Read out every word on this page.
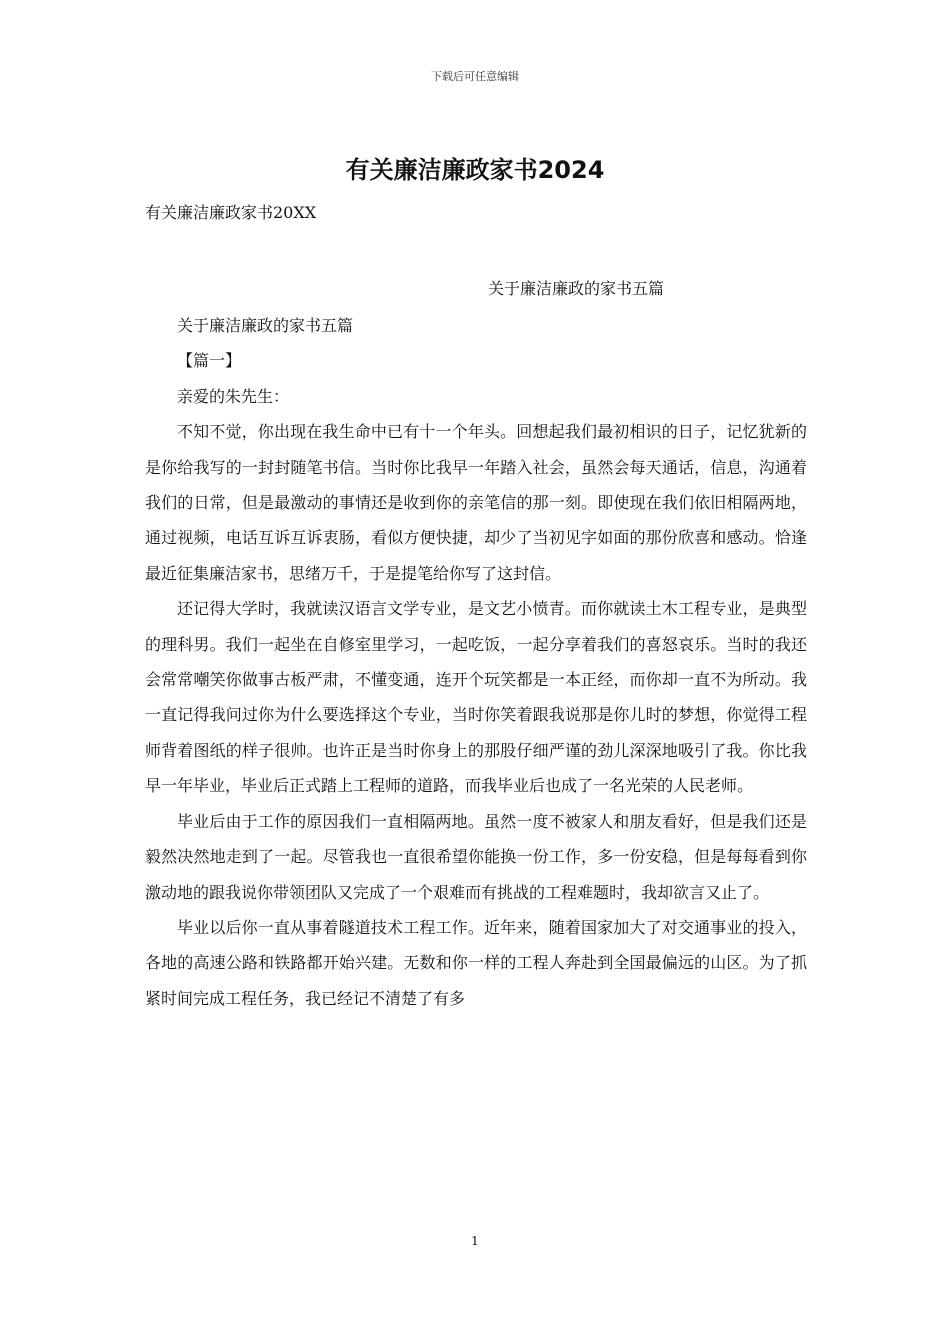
下载后可任意编辑
有关廉洁廉政家书2024
有关廉洁廉政家书20XX
关于廉洁廉政的家书五篇

关于廉洁廉政的家书五篇

【篇一】

亲爱的朱先生：

不知不觉，你出现在我生命中已有十一个年头。回想起我们最初相识的日子，记忆犹新的是你给我写的一封封随笔书信。当时你比我早一年踏入社会，虽然会每天通话，信息，沟通着我们的日常，但是最激动的事情还是收到你的亲笔信的那一刻。即使现在我们依旧相隔两地，通过视频，电话互诉互诉衷肠，看似方便快捷，却少了当初见字如面的那份欣喜和感动。恰逢最近征集廉洁家书，思绪万千，于是提笔给你写了这封信。

还记得大学时，我就读汉语言文学专业，是文艺小愤青。而你就读土木工程专业，是典型的理科男。我们一起坐在自修室里学习，一起吃饭，一起分享着我们的喜怒哀乐。当时的我还会常常嘲笑你做事古板严肃，不懂变通，连开个玩笑都是一本正经，而你却一直不为所动。我一直记得我问过你为什么要选择这个专业，当时你笑着跟我说那是你儿时的梦想，你觉得工程师背着图纸的样子很帅。也许正是当时你身上的那股仔细严谨的劲儿深深地吸引了我。你比我早一年毕业，毕业后正式踏上工程师的道路，而我毕业后也成了一名光荣的人民老师。

毕业后由于工作的原因我们一直相隔两地。虽然一度不被家人和朋友看好，但是我们还是毅然决然地走到了一起。尽管我也一直很希望你能换一份工作，多一份安稳，但是每每看到你激动地的跟我说你带领团队又完成了一个艰难而有挑战的工程难题时，我却欲言又止了。

毕业以后你一直从事着隧道技术工程工作。近年来，随着国家加大了对交通事业的投入，各地的高速公路和铁路都开始兴建。无数和你一样的工程人奔赴到全国最偏远的山区。为了抓紧时间完成工程任务，我已经记不清楚了有多

1
